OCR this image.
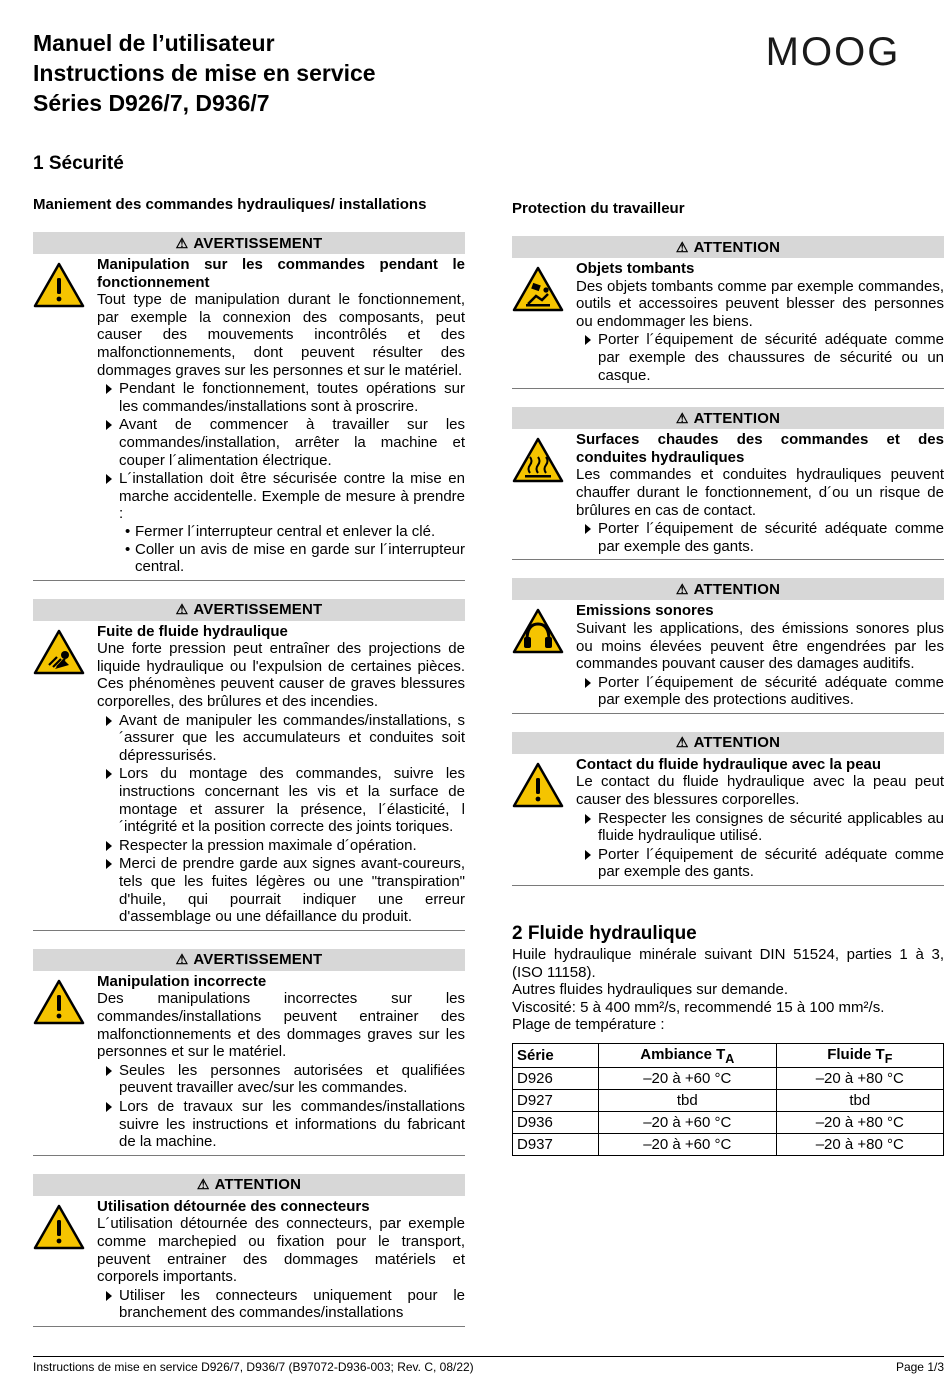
Manuel de l’utilisateur
Instructions de mise en service
Séries D926/7, D936/7
MOOG
1 Sécurité
Maniement des commandes hydrauliques/ installations	Protection du travailleur
⚠ AVERTISSEMENT
Manipulation sur les commandes pendant le fonctionnement
Tout type de manipulation durant le fonctionnement, par exemple la connexion des composants, peut causer des mouvements incontrôlés et des malfonctionnements, dont peuvent résulter des dommages graves sur les personnes et sur le matériel.
Pendant le fonctionnement, toutes opérations sur les commandes/installations sont à proscrire.
Avant de commencer à travailler sur les commandes/installation, arrêter la machine et couper l´alimentation électrique.
L´installation doit être sécurisée contre la mise en marche accidentelle. Exemple de mesure à prendre :
• Fermer l´interrupteur central et enlever la clé.
• Coller un avis de mise en garde sur l´interrupteur central.
⚠ AVERTISSEMENT
Fuite de fluide hydraulique
Une forte pression peut entraîner des projections de liquide hydraulique ou l'expulsion de certaines pièces. Ces phénomènes peuvent causer de graves blessures corporelles, des brûlures et des incendies.
Avant de manipuler les commandes/installations, s´assurer que les accumulateurs et conduites soit dépressurisés.
Lors du montage des commandes, suivre les instructions concernant les vis et la surface de montage et assurer la présence, l´élasticité, l´intégrité et la position correcte des joints toriques.
Respecter la pression maximale d´opération.
Merci de prendre garde aux signes avant-coureurs, tels que les fuites légères ou une "transpiration" d'huile, qui pourrait indiquer une erreur d'assemblage ou une défaillance du produit.
⚠ AVERTISSEMENT
Manipulation incorrecte
Des manipulations incorrectes sur les commandes/installations peuvent entrainer des malfonctionnements et des dommages graves sur les personnes et sur le matériel.
Seules les personnes autorisées et qualifiées peuvent travailler avec/sur les commandes.
Lors de travaux sur les commandes/installations suivre les instructions et informations du fabricant de la machine.
⚠ ATTENTION
Utilisation détournée des connecteurs
L´utilisation détournée des connecteurs, par exemple comme marchepied ou fixation pour le transport, peuvent entrainer des dommages matériels et corporels importants.
Utiliser les connecteurs uniquement pour le branchement des commandes/installations
⚠ ATTENTION
Objets tombants
Des objets tombants comme par exemple commandes, outils et accessoires peuvent blesser des personnes ou endommager les biens.
Porter l´équipement de sécurité adéquate comme par exemple des chaussures de sécurité ou un casque.
⚠ ATTENTION
Surfaces chaudes des commandes et des conduites hydrauliques
Les commandes et conduites hydrauliques peuvent chauffer durant le fonctionnement, d´ou un risque de brûlures en cas de contact.
Porter l´équipement de sécurité adéquate comme par exemple des gants.
⚠ ATTENTION
Emissions sonores
Suivant les applications, des émissions sonores plus ou moins élevées peuvent être engendrées par les commandes pouvant causer des damages auditifs.
Porter l´équipement de sécurité adéquate comme par exemple des protections auditives.
⚠ ATTENTION
Contact du fluide hydraulique avec la peau
Le contact du fluide hydraulique avec la peau peut causer des blessures corporelles.
Respecter les consignes de sécurité applicables au fluide hydraulique utilisé.
Porter l´équipement de sécurité adéquate comme par exemple des gants.
2 Fluide hydraulique
Huile hydraulique minérale suivant DIN 51524, parties 1 à 3, (ISO 11158).
Autres fluides hydrauliques sur demande.
Viscosité: 5 à 400 mm²/s, recommendé 15 à 100 mm²/s.
Plage de température :
Série	Ambiance $T_A$	Fluide $T_F$
D926	–20 à +60 °C	–20 à +80 °C
D927	tbd	tbd
D936	–20 à +60 °C	–20 à +80 °C
D937	–20 à +60 °C	–20 à +80 °C
Instructions de mise en service D926/7, D936/7 (B97072-D936-003; Rev. C, 08/22)	Page 1/3
